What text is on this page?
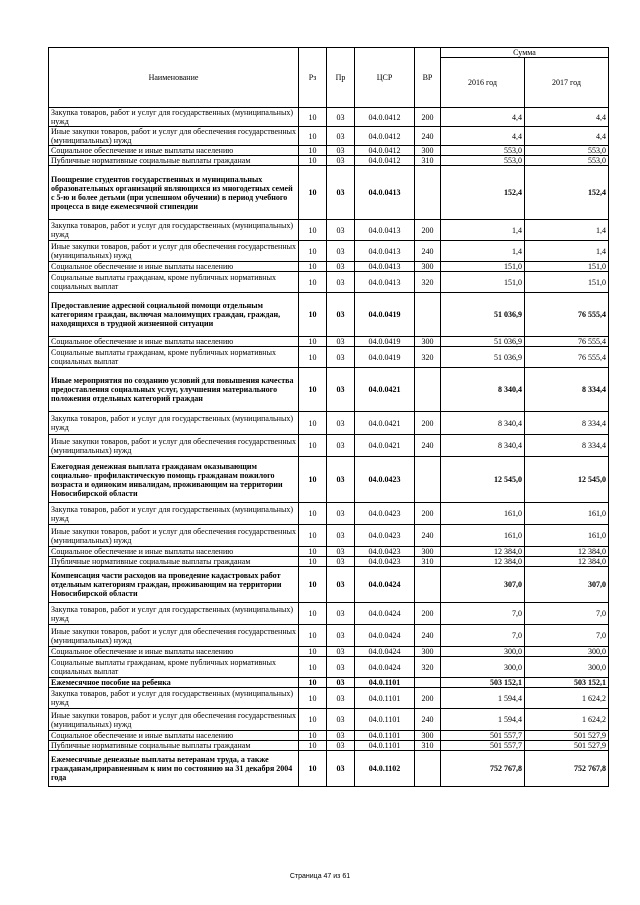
Наименование	Рз	Пр	ЦСР	ВР	Сумма	
					2016 год	2017 год
Закупка товаров, работ и услуг для государственных (муниципальных) нужд	10	03	04.0.0412	200	4,4	4,4
Иные закупки товаров, работ и услуг для обеспечения государственных (муниципальных) нужд	10	03	04.0.0412	240	4,4	4,4
Социальное обеспечение и иные выплаты населению	10	03	04.0.0412	300	553,0	553,0
Публичные нормативные социальные выплаты гражданам	10	03	04.0.0412	310	553,0	553,0
Поощрение студентов государственных и муниципальных образовательных организаций являющихся из многодетных семей с 5-ю и более детьми (при успешном обучении) в период учебного процесса в виде ежемесячной стипендии	10	03	04.0.0413		152,4	152,4
Закупка товаров, работ и услуг для государственных (муниципальных) нужд	10	03	04.0.0413	200	1,4	1,4
Иные закупки товаров, работ и услуг для обеспечения государственных (муниципальных) нужд	10	03	04.0.0413	240	1,4	1,4
Социальное обеспечение и иные выплаты населению	10	03	04.0.0413	300	151,0	151,0
Социальные выплаты гражданам, кроме публичных нормативных социальных выплат	10	03	04.0.0413	320	151,0	151,0
Предоставление адресной социальной помощи отдельным категориям граждан, включая малоимущих граждан, граждан, находящихся в трудной жизненной ситуации	10	03	04.0.0419		51 036,9	76 555,4
Социальное обеспечение и иные выплаты населению	10	03	04.0.0419	300	51 036,9	76 555,4
Социальные выплаты гражданам, кроме публичных нормативных социальных выплат	10	03	04.0.0419	320	51 036,9	76 555,4
Иные мероприятия по созданию условий для повышения качества предоставления социальных услуг, улучшения материального положения отдельных категорий граждан	10	03	04.0.0421		8 340,4	8 334,4
Закупка товаров, работ и услуг для государственных (муниципальных) нужд	10	03	04.0.0421	200	8 340,4	8 334,4
Иные закупки товаров, работ и услуг для обеспечения государственных (муниципальных) нужд	10	03	04.0.0421	240	8 340,4	8 334,4
Ежегодная денежная выплата гражданам оказывающим социально- профилактическую помощь гражданам пожилого возраста и одиноким инвалидам, проживающим на территории Новосибирской области	10	03	04.0.0423		12 545,0	12 545,0
Закупка товаров, работ и услуг для государственных (муниципальных) нужд	10	03	04.0.0423	200	161,0	161,0
Иные закупки товаров, работ и услуг для обеспечения государственных (муниципальных) нужд	10	03	04.0.0423	240	161,0	161,0
Социальное обеспечение и иные выплаты населению	10	03	04.0.0423	300	12 384,0	12 384,0
Публичные нормативные социальные выплаты гражданам	10	03	04.0.0423	310	12 384,0	12 384,0
Компенсация части расходов на проведение кадастровых работ отдельным категориям граждан, проживающим на территории Новосибирской области	10	03	04.0.0424		307,0	307,0
Закупка товаров, работ и услуг для государственных (муниципальных) нужд	10	03	04.0.0424	200	7,0	7,0
Иные закупки товаров, работ и услуг для обеспечения государственных (муниципальных) нужд	10	03	04.0.0424	240	7,0	7,0
Социальное обеспечение и иные выплаты населению	10	03	04.0.0424	300	300,0	300,0
Социальные выплаты гражданам, кроме публичных нормативных социальных выплат	10	03	04.0.0424	320	300,0	300,0
Ежемесячное пособие на ребенка	10	03	04.0.1101		503 152,1	503 152,1
Закупка товаров, работ и услуг для государственных (муниципальных) нужд	10	03	04.0.1101	200	1 594,4	1 624,2
Иные закупки товаров, работ и услуг для обеспечения государственных (муниципальных) нужд	10	03	04.0.1101	240	1 594,4	1 624,2
Социальное обеспечение и иные выплаты населению	10	03	04.0.1101	300	501 557,7	501 527,9
Публичные нормативные социальные выплаты гражданам	10	03	04.0.1101	310	501 557,7	501 527,9
Ежемесячные денежные выплаты ветеранам труда, а также гражданам,приравненным к ним по состоянию на 31 декабря 2004 года	10	03	04.0.1102		752 767,8	752 767,8
Страница 47 из 61
